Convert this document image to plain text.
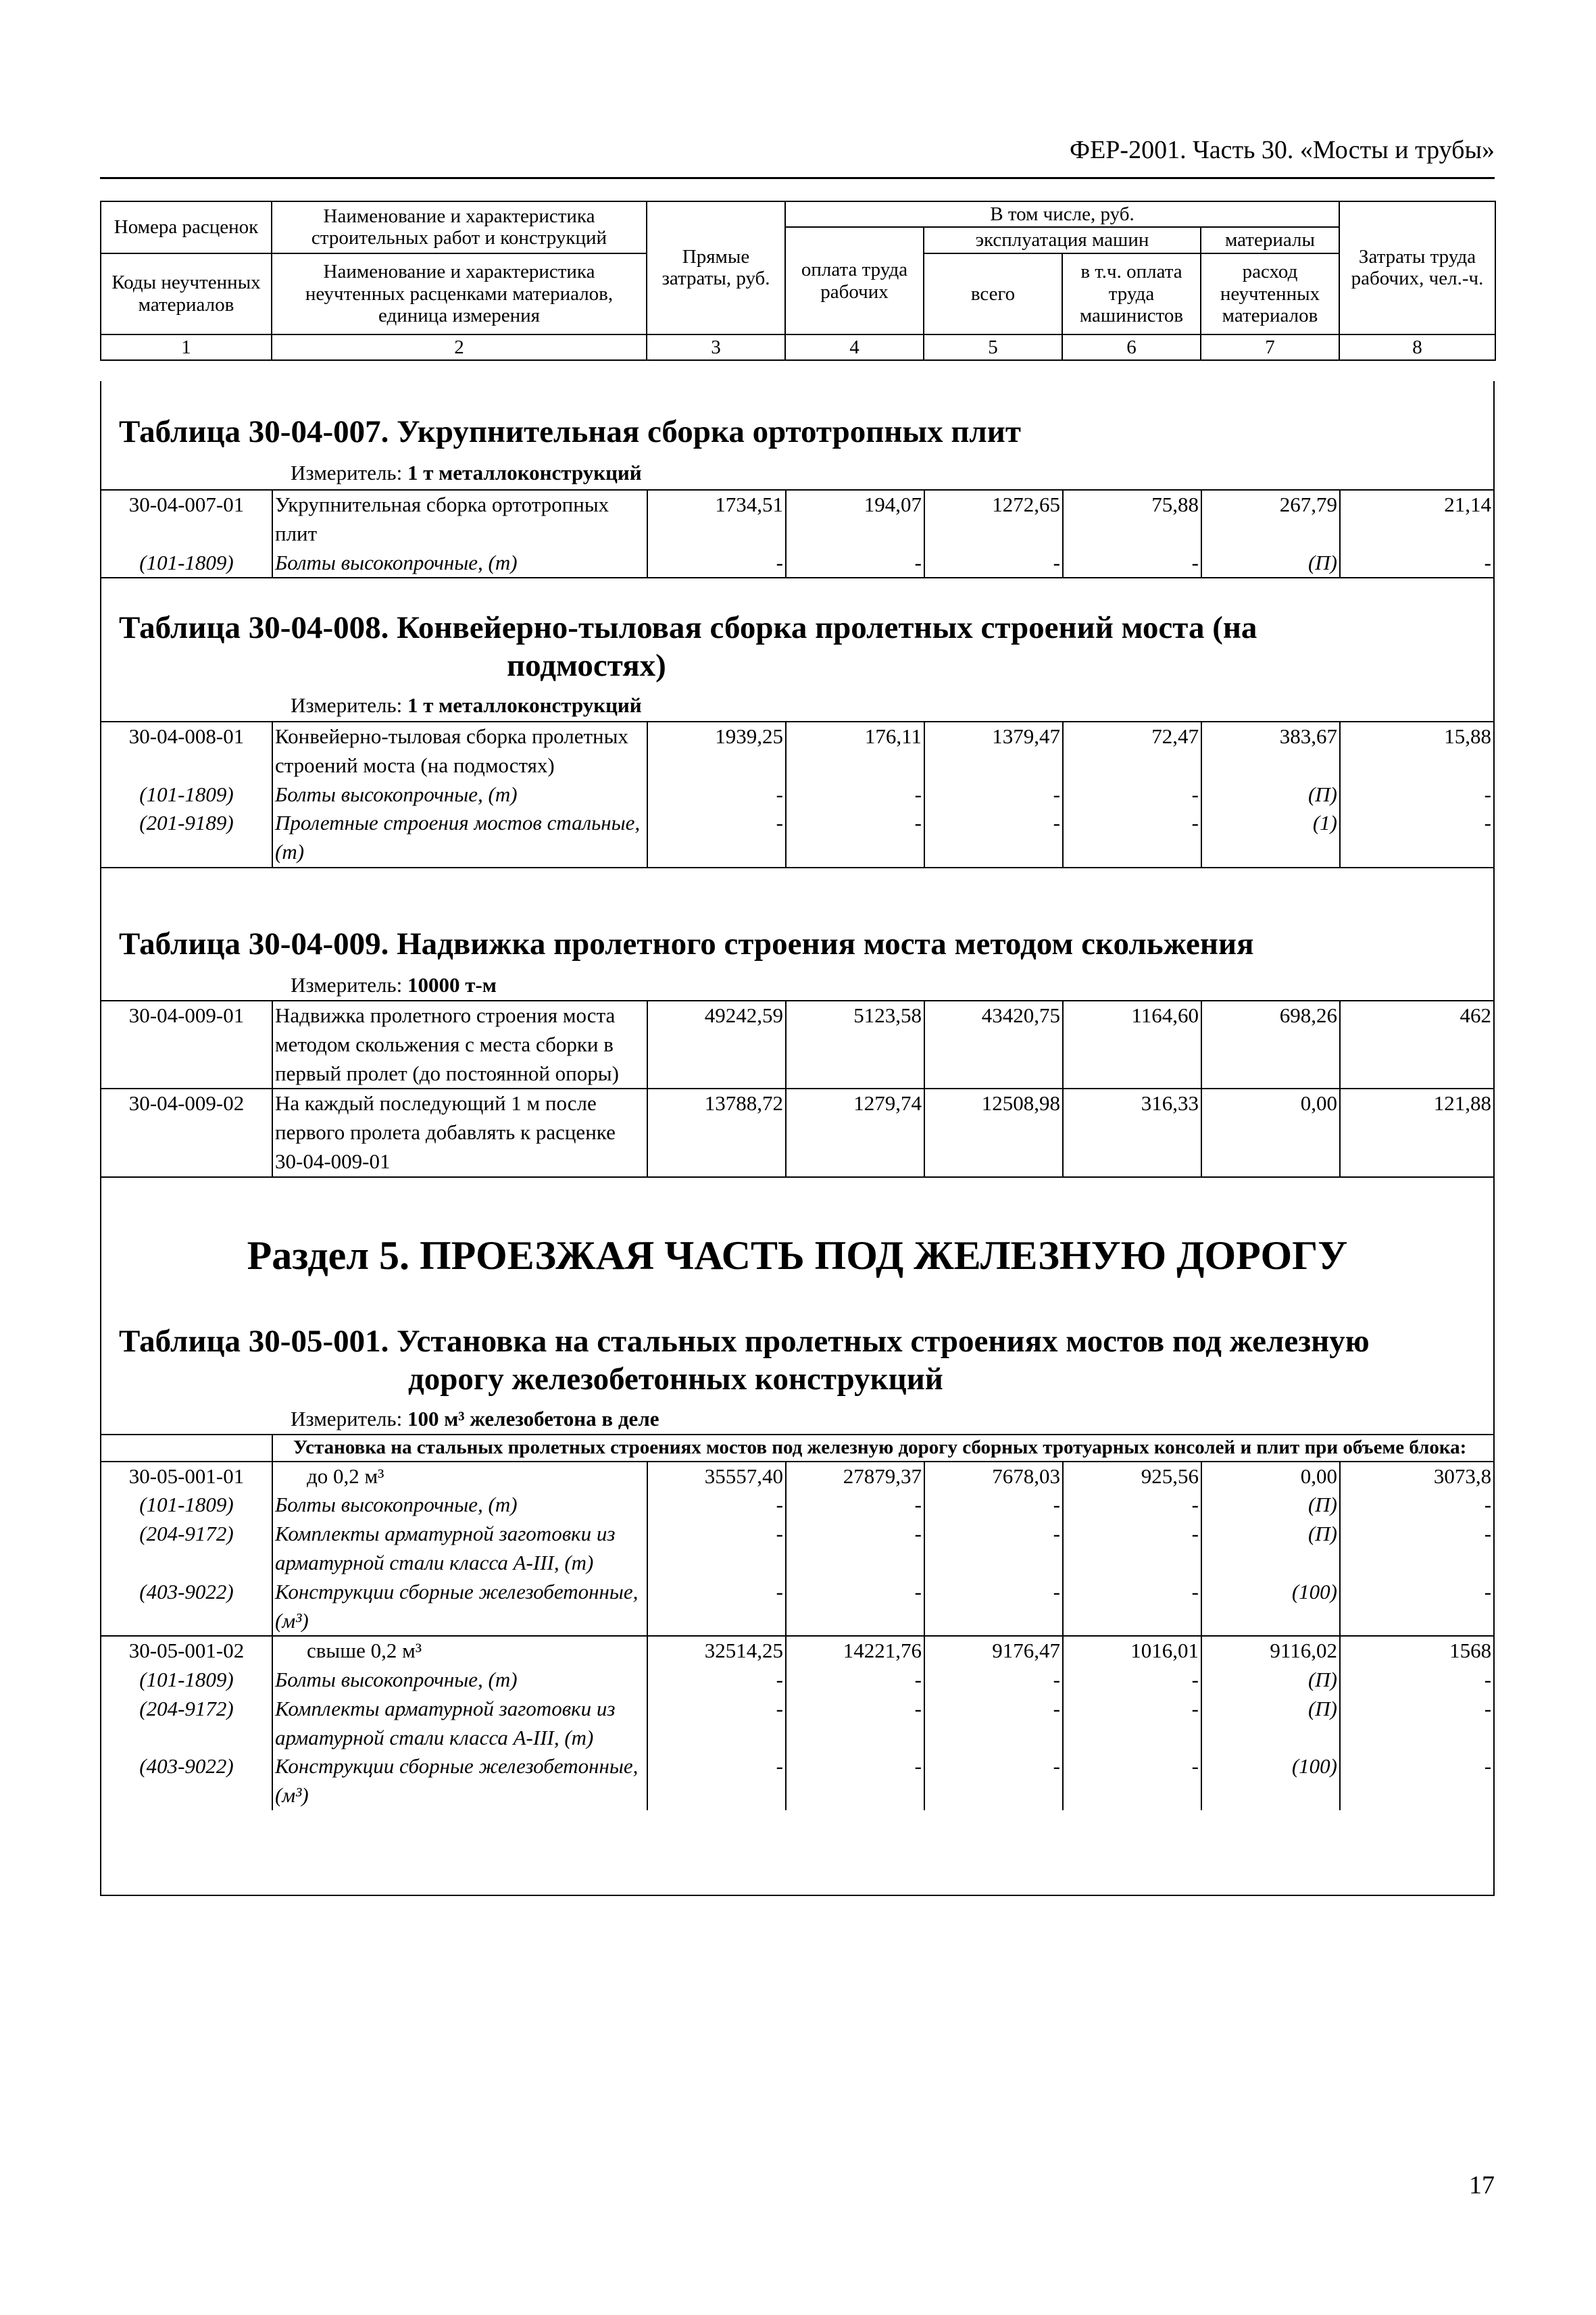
ФЕР-2001. Часть 30. «Мосты и трубы»
Номера расценок	Наименование и характеристика строительных работ и конструкций	Прямые затраты, руб.	В том числе, руб.				Затраты труда рабочих, чел.-ч.
			оплата труда рабочих	эксплуатация машин		материалы	
Коды неучтенных материалов	Наименование и характеристика неучтенных расценками материалов, единица измерения			всего	в т.ч. оплата труда машинистов	расход неучтенных материалов	

1	2	3	4	5	6	7	8
Таблица 30-04-007. Укрупнительная сборка ортотропных плит
Измеритель: 1 т металлоконструкций
30-04-007-01	Укрупнительная сборка ортотропных плит	1734,51	194,07	1272,65	75,88	267,79	21,14
(101-1809)	Болты высокопрочные, (т)	-	-	-	-	(П)	-
Таблица 30-04-008. Конвейерно-тыловая сборка пролетных строений моста (на
подмостях)
Измеритель: 1 т металлоконструкций
30-04-008-01	Конвейерно-тыловая сборка пролетных строений моста (на подмостях)	1939,25	176,11	1379,47	72,47	383,67	15,88
(101-1809)	Болты высокопрочные, (т)	-	-	-	-	(П)	-
(201-9189)	Пролетные строения мостов стальные, (т)	-	-	-	-	(1)	-
Таблица 30-04-009. Надвижка пролетного строения моста методом скольжения
Измеритель: 10000 т-м
30-04-009-01	Надвижка пролетного строения моста методом скольжения с места сборки в первый пролет (до постоянной опоры)	49242,59	5123,58	43420,75	1164,60	698,26	462
30-04-009-02	На каждый последующий 1 м после первого пролета добавлять к расценке 30-04-009-01	13788,72	1279,74	12508,98	316,33	0,00	121,88
Раздел 5. ПРОЕЗЖАЯ ЧАСТЬ ПОД ЖЕЛЕЗНУЮ ДОРОГУ
Таблица 30-05-001. Установка на стальных пролетных строениях мостов под железную
дорогу железобетонных конструкций
Измеритель: 100 м³ железобетона в деле
	Установка на стальных пролетных строениях мостов под железную дорогу сборных тротуарных консолей и плит при объеме блока:						
30-05-001-01	до 0,2 м³	35557,40	27879,37	7678,03	925,56	0,00	3073,8
(101-1809)	Болты высокопрочные, (т)	-	-	-	-	(П)	-
(204-9172)	Комплекты арматурной заготовки из арматурной стали класса А-III, (т)	-	-	-	-	(П)	-
(403-9022)	Конструкции сборные железобетонные, (м³)	-	-	-	-	(100)	-
30-05-001-02	свыше 0,2 м³	32514,25	14221,76	9176,47	1016,01	9116,02	1568
(101-1809)	Болты высокопрочные, (т)	-	-	-	-	(П)	-
(204-9172)	Комплекты арматурной заготовки из арматурной стали класса А-III, (т)	-	-	-	-	(П)	-
(403-9022)	Конструкции сборные железобетонные, (м³)	-	-	-	-	(100)	-
17
